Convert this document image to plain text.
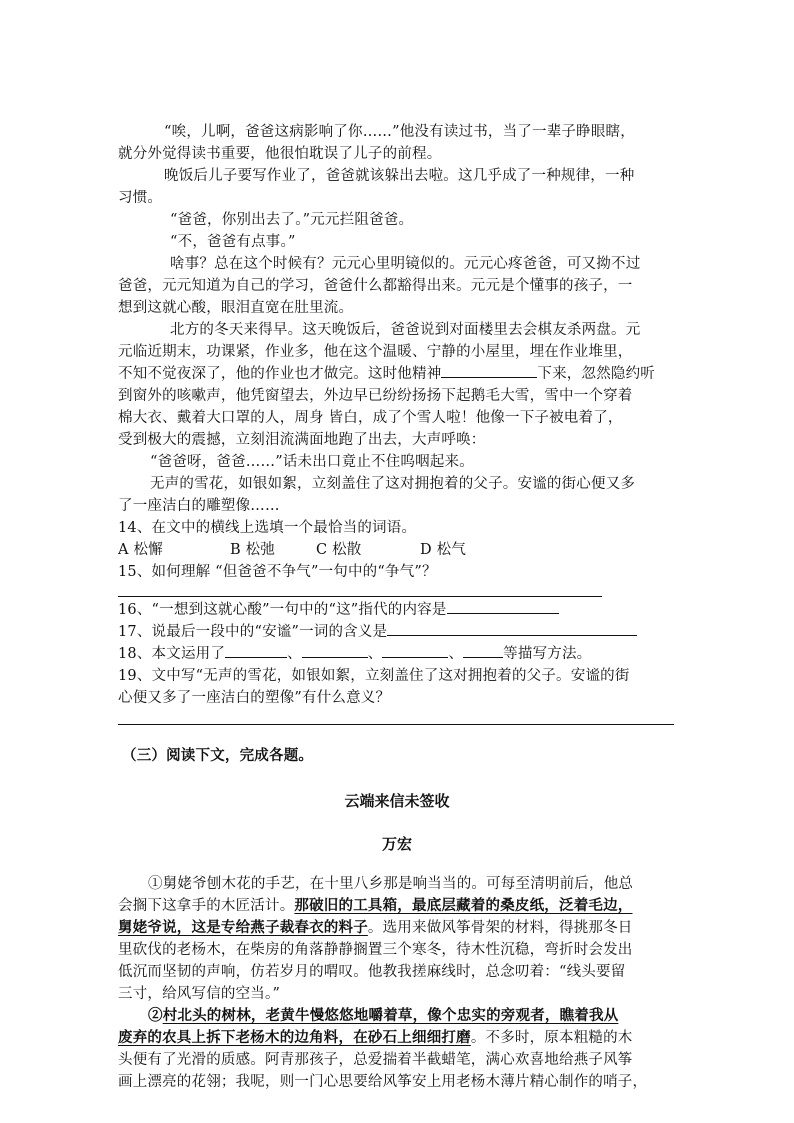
“唉，儿啊，爸爸这病影响了你……”他没有读过书，当了一辈子睁眼瞎，
就分外觉得读书重要，他很怕耽误了儿子的前程。
晚饭后儿子要写作业了，爸爸就该躲出去啦。这几乎成了一种规律，一种
习惯。
“爸爸，你别出去了。”元元拦阻爸爸。
“不，爸爸有点事。”
啥事？总在这个时候有？元元心里明镜似的。元元心疼爸爸，可又拗不过
爸爸，元元知道为自己的学习，爸爸什么都豁得出来。元元是个懂事的孩子，一
想到这就心酸，眼泪直宽在肚里流。
北方的冬天来得早。这天晚饭后，爸爸说到对面楼里去会棋友杀两盘。元
元临近期末，功课紧，作业多，他在这个温暖、宁静的小屋里，埋在作业堆里，
不知不觉夜深了，他的作业也才做完。这时他精神	下来，忽然隐约听
到窗外的咳嗽声，他凭窗望去，外边早已纷纷扬扬下起鹅毛大雪，雪中一个穿着
棉大衣、戴着大口罩的人，周身 皆白，成了个雪人啦！他像一下子被电着了，
受到极大的震撼，立刻泪流满面地跑了出去，大声呼唤：
“爸爸呀，爸爸……”话未出口竟止不住呜咽起来。
无声的雪花，如银如絮，立刻盖住了这对拥抱着的父子。安谧的街心便又多
了一座洁白的雕塑像……
14、在文中的横线上选填一个最恰当的词语。
A 松懈	B 松弛	C 松散	D 松气
15、如何理解 “但爸爸不争气”一句中的“争气”？
16、“一想到这就心酸”一句中的“这”指代的内容是
17、说最后一段中的“安谧”一词的含义是
18、本文运用了	、	、	、	等描写方法。
19、文中写“无声的雪花，如银如絮，立刻盖住了这对拥抱着的父子。安谧的街
心便又多了一座洁白的塑像”有什么意义？
（三）阅读下文，完成各题。
云端来信未签收
万宏
①舅姥爷刨木花的手艺，在十里八乡那是响当当的。可每至清明前后，他总
会搁下这拿手的木匠活计。那破旧的工具箱，最底层藏着的桑皮纸，泛着毛边，
舅姥爷说，这是专给燕子裁春衣的料子。选用来做风筝骨架的材料，得挑那冬日
里砍伐的老杨木，在柴房的角落静静搁置三个寒冬，待木性沉稳，弯折时会发出
低沉而坚韧的声响，仿若岁月的喟叹。他教我搓麻线时，总念叨着：“线头要留
三寸，给风写信的空当。”
②村北头的树林，老黄牛慢悠悠地嚼着草，像个忠实的旁观者，瞧着我从
废弃的农具上拆下老杨木的边角料，在砂石上细细打磨。不多时，原本粗糙的木
头便有了光滑的质感。阿青那孩子，总爱揣着半截蜡笔，满心欢喜地给燕子风筝
画上漂亮的花翎；我呢，则一门心思要给风筝安上用老杨木薄片精心制作的哨子，
